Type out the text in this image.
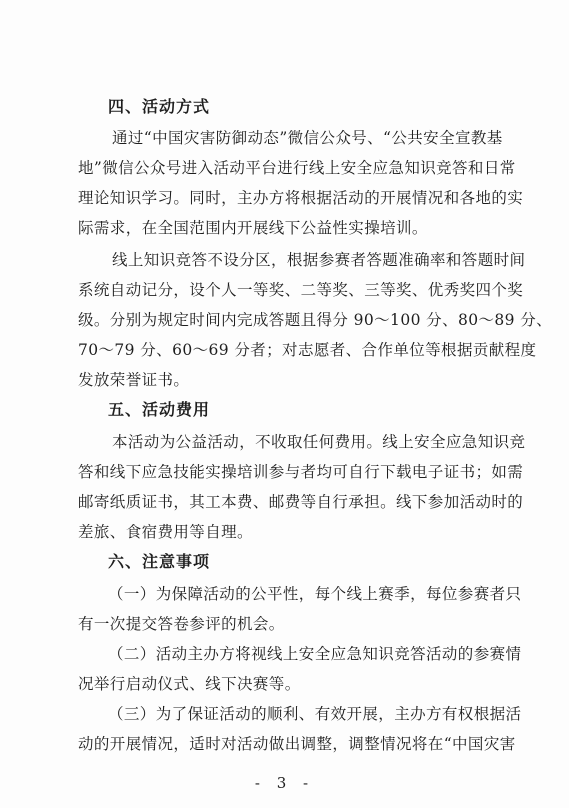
四、活动方式
通过“中国灾害防御动态”微信公众号、“公共安全宣教基
地”微信公众号进入活动平台进行线上安全应急知识竞答和日常
理论知识学习。同时，主办方将根据活动的开展情况和各地的实
际需求，在全国范围内开展线下公益性实操培训。
线上知识竞答不设分区，根据参赛者答题准确率和答题时间
系统自动记分，设个人一等奖、二等奖、三等奖、优秀奖四个奖
级。分别为规定时间内完成答题且得分 90～100 分、80～89 分、
70～79 分、60～69 分者；对志愿者、合作单位等根据贡献程度
发放荣誉证书。
五、活动费用
本活动为公益活动，不收取任何费用。线上安全应急知识竞
答和线下应急技能实操培训参与者均可自行下载电子证书；如需
邮寄纸质证书，其工本费、邮费等自行承担。线下参加活动时的
差旅、食宿费用等自理。
六、注意事项
（一）为保障活动的公平性，每个线上赛季，每位参赛者只
有一次提交答卷参评的机会。
（二）活动主办方将视线上安全应急知识竞答活动的参赛情
况举行启动仪式、线下决赛等。
（三）为了保证活动的顺利、有效开展，主办方有权根据活
动的开展情况，适时对活动做出调整，调整情况将在“中国灾害
- 3 -
